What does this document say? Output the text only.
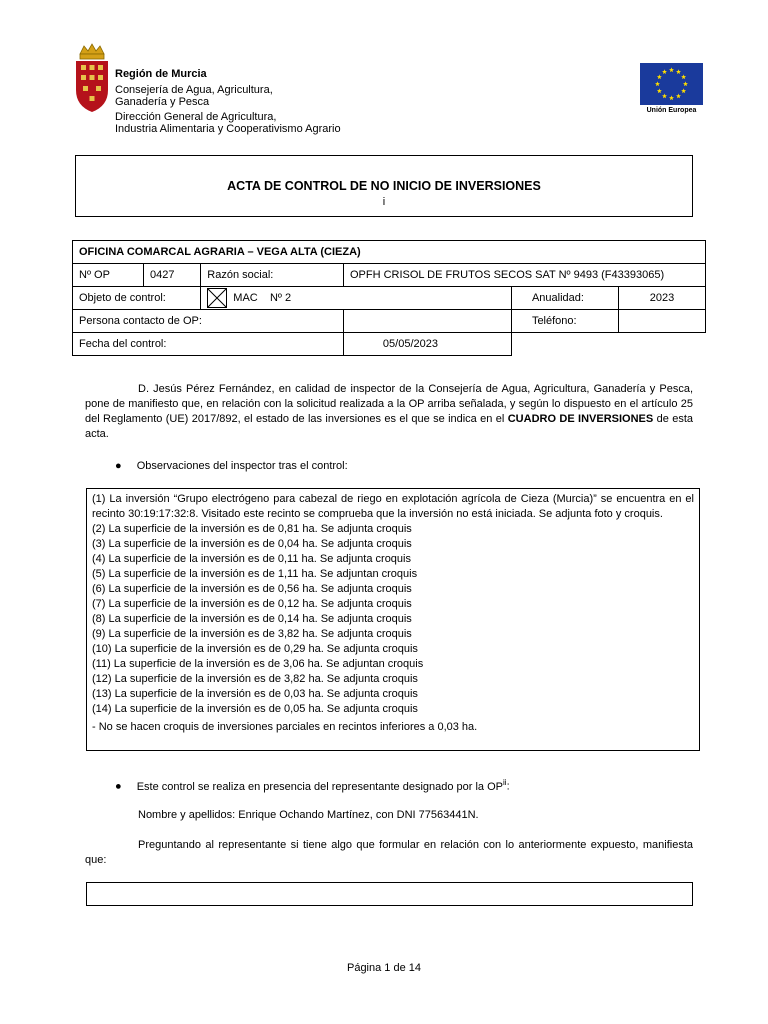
Región de Murcia
Consejería de Agua, Agricultura,
Ganadería y Pesca
Dirección General de Agricultura,
Industria Alimentaria y Cooperativismo Agrario
Unión Europea
ACTA DE CONTROL DE NO INICIO DE INVERSIONES
i
OFICINA COMARCAL AGRARIA – VEGA ALTA (CIEZA)					
Nº OP	0427	Razón social:	OPFH CRISOL DE FRUTOS SECOS SAT Nº 9493 (F43393065)		
Objeto de control:		MAC    Nº 2		Anualidad:	2023
Persona contacto de OP:				Teléfono:	
Fecha del control:			05/05/2023		
D. Jesús Pérez Fernández, en calidad de inspector de la Consejería de Agua, Agricultura, Ganadería y Pesca, pone de manifiesto que, en relación con la solicitud realizada a la OP arriba señalada, y según lo dispuesto en el artículo 25 del Reglamento (UE) 2017/892, el estado de las inversiones es el que se indica en el CUADRO DE INVERSIONES de esta acta.
● Observaciones del inspector tras el control:
(1) La inversión “Grupo electrógeno para cabezal de riego en explotación agrícola de Cieza (Murcia)” se encuentra en el recinto 30:19:17:32:8. Visitado este recinto se comprueba que la inversión no está iniciada. Se adjunta foto y croquis.
(2) La superficie de la inversión es de 0,81 ha. Se adjunta croquis
(3) La superficie de la inversión es de 0,04 ha. Se adjunta croquis
(4) La superficie de la inversión es de 0,11 ha. Se adjunta croquis
(5) La superficie de la inversión es de 1,11 ha. Se adjuntan croquis
(6) La superficie de la inversión es de 0,56 ha. Se adjunta croquis
(7) La superficie de la inversión es de 0,12 ha. Se adjunta croquis
(8) La superficie de la inversión es de 0,14 ha. Se adjunta croquis
(9) La superficie de la inversión es de 3,82 ha. Se adjunta croquis
(10) La superficie de la inversión es de 0,29 ha. Se adjunta croquis
(11) La superficie de la inversión es de 3,06 ha. Se adjuntan croquis
(12) La superficie de la inversión es de 3,82 ha. Se adjunta croquis
(13) La superficie de la inversión es de 0,03 ha. Se adjunta croquis
(14) La superficie de la inversión es de 0,05 ha. Se adjunta croquis
- No se hacen croquis de inversiones parciales en recintos inferiores a 0,03 ha.
● Este control se realiza en presencia del representante designado por la OP$^{ii}$:
Nombre y apellidos: Enrique Ochando Martínez, con DNI 77563441N.
Preguntando al representante si tiene algo que formular en relación con lo anteriormente expuesto, manifiesta que:
Página 1 de 14
